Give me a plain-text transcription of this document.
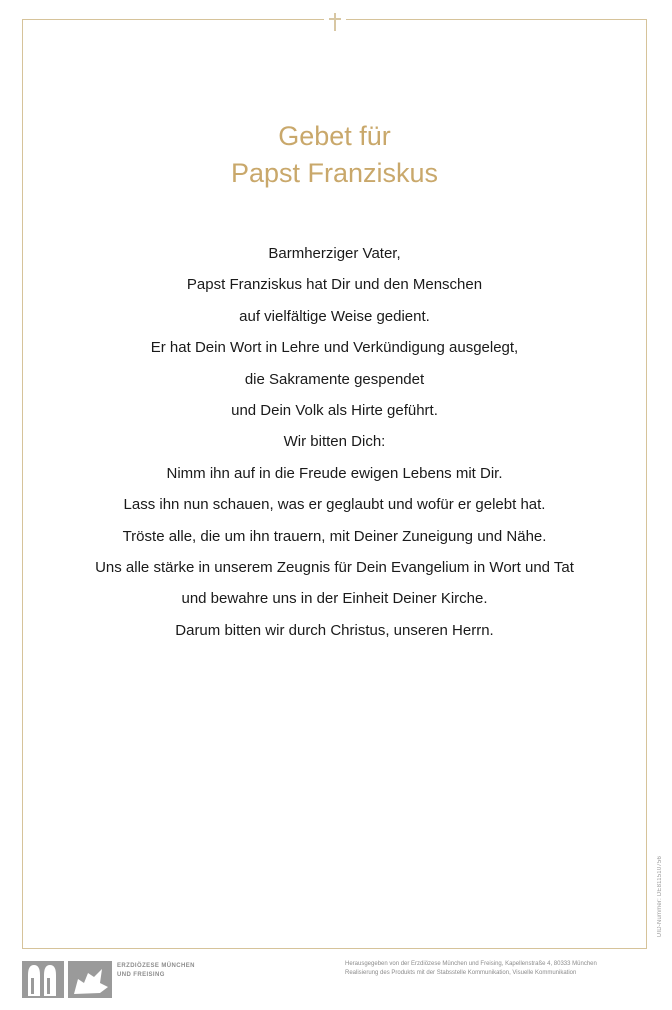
Gebet für
Papst Franziskus
Barmherziger Vater,
Papst Franziskus hat Dir und den Menschen
auf vielfältige Weise gedient.
Er hat Dein Wort in Lehre und Verkündigung ausgelegt,
die Sakramente gespendet
und Dein Volk als Hirte geführt.
Wir bitten Dich:
Nimm ihn auf in die Freude ewigen Lebens mit Dir.
Lass ihn nun schauen, was er geglaubt und wofür er gelebt hat.
Tröste alle, die um ihn trauern, mit Deiner Zuneigung und Nähe.
Uns alle stärke in unserem Zeugnis für Dein Evangelium in Wort und Tat
und bewahre uns in der Einheit Deiner Kirche.
Darum bitten wir durch Christus, unseren Herrn.
UID-Nummer: DE811510756
ERZDIÖZESE MÜNCHEN
UND FREISING
Herausgegeben von der Erzdiözese München und Freising, Kapellenstraße 4, 80333 München
Realisierung des Produkts mit der Stabsstelle Kommunikation, Visuelle Kommunikation
